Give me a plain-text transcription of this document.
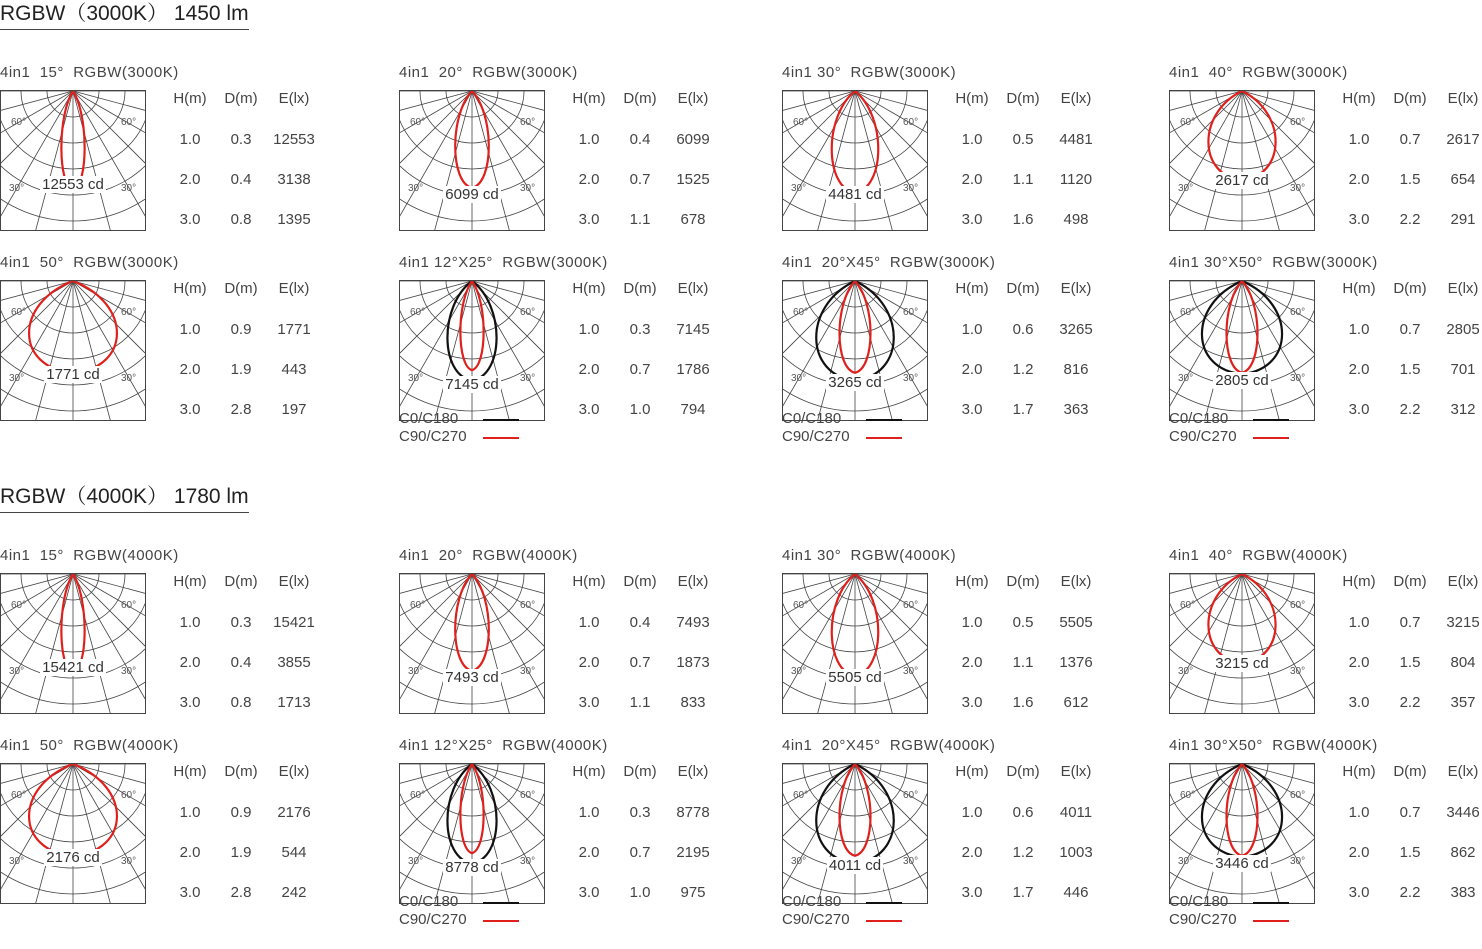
RGBW（3000K） 1450 lm
4in1  15°  RGBW(3000K)
60°	60°
30°	30°
12553 cd
H(m)	D(m)	E(lx)
1.0	0.3	12553
2.0	0.4	3138
3.0	0.8	1395
4in1  20°  RGBW(3000K)
60°	60°
30°	30°
6099 cd
H(m)	D(m)	E(lx)
1.0	0.4	6099
2.0	0.7	1525
3.0	1.1	678
4in1 30°  RGBW(3000K)
60°	60°
30°	30°
4481 cd
H(m)	D(m)	E(lx)
1.0	0.5	4481
2.0	1.1	1120
3.0	1.6	498
4in1  40°  RGBW(3000K)
60°	60°
30°	30°
2617 cd
H(m)	D(m)	E(lx)
1.0	0.7	2617
2.0	1.5	654
3.0	2.2	291
4in1  50°  RGBW(3000K)
60°	60°
30°	30°
1771 cd
H(m)	D(m)	E(lx)
1.0	0.9	1771
2.0	1.9	443
3.0	2.8	197
4in1 12°X25°  RGBW(3000K)
60°	60°
30°	30°
7145 cd
H(m)	D(m)	E(lx)
1.0	0.3	7145
2.0	0.7	1786
3.0	1.0	794
C0/C180
C90/C270
4in1  20°X45°  RGBW(3000K)
60°	60°
30°	30°
3265 cd
H(m)	D(m)	E(lx)
1.0	0.6	3265
2.0	1.2	816
3.0	1.7	363
C0/C180
C90/C270
4in1 30°X50°  RGBW(3000K)
60°	60°
30°	30°
2805 cd
H(m)	D(m)	E(lx)
1.0	0.7	2805
2.0	1.5	701
3.0	2.2	312
C0/C180
C90/C270
RGBW（4000K） 1780 lm
4in1  15°  RGBW(4000K)
60°	60°
30°	30°
15421 cd
H(m)	D(m)	E(lx)
1.0	0.3	15421
2.0	0.4	3855
3.0	0.8	1713
4in1  20°  RGBW(4000K)
60°	60°
30°	30°
7493 cd
H(m)	D(m)	E(lx)
1.0	0.4	7493
2.0	0.7	1873
3.0	1.1	833
4in1 30°  RGBW(4000K)
60°	60°
30°	30°
5505 cd
H(m)	D(m)	E(lx)
1.0	0.5	5505
2.0	1.1	1376
3.0	1.6	612
4in1  40°  RGBW(4000K)
60°	60°
30°	30°
3215 cd
H(m)	D(m)	E(lx)
1.0	0.7	3215
2.0	1.5	804
3.0	2.2	357
4in1  50°  RGBW(4000K)
60°	60°
30°	30°
2176 cd
H(m)	D(m)	E(lx)
1.0	0.9	2176
2.0	1.9	544
3.0	2.8	242
4in1 12°X25°  RGBW(4000K)
60°	60°
30°	30°
8778 cd
H(m)	D(m)	E(lx)
1.0	0.3	8778
2.0	0.7	2195
3.0	1.0	975
C0/C180
C90/C270
4in1  20°X45°  RGBW(4000K)
60°	60°
30°	30°
4011 cd
H(m)	D(m)	E(lx)
1.0	0.6	4011
2.0	1.2	1003
3.0	1.7	446
C0/C180
C90/C270
4in1 30°X50°  RGBW(4000K)
60°	60°
30°	30°
3446 cd
H(m)	D(m)	E(lx)
1.0	0.7	3446
2.0	1.5	862
3.0	2.2	383
C0/C180
C90/C270
